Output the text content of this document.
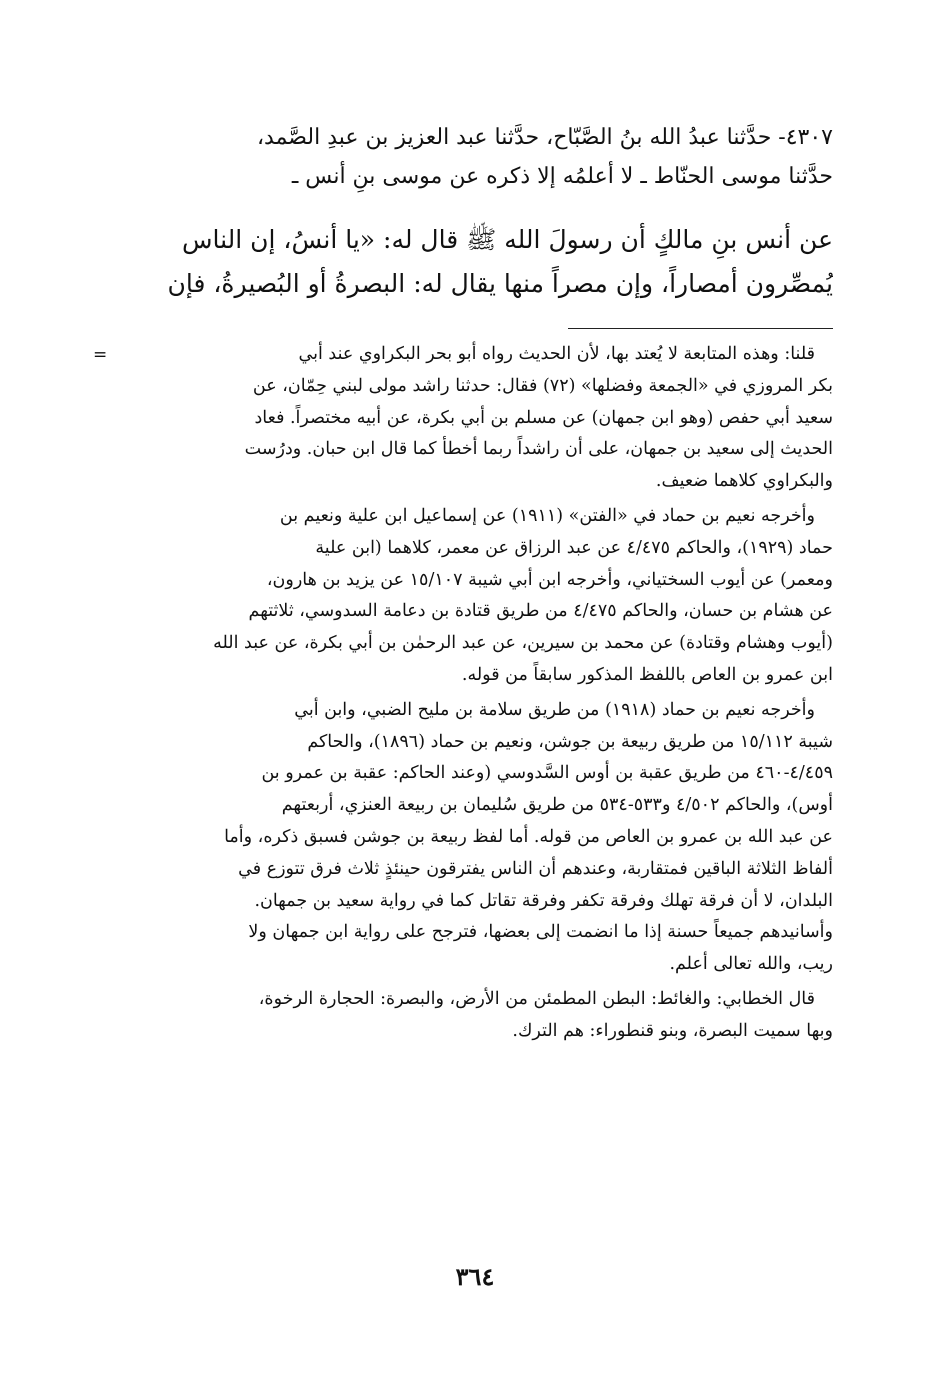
٤٣٠٧- حدَّثنا عبدُ الله بنُ الصَّبّاح، حدَّثنا عبد العزيز بن عبدِ الصَّمد،
حدَّثنا موسى الحنّاط ـ لا أعلمُه إلا ذكره عن موسى بنِ أنس ـ
عن أنس بنِ مالكٍ أن رسولَ الله ﷺ قال له: «يا أنسُ، إن الناس
يُمصِّرون أمصاراً، وإن مصراً منها يقال له: البصرةُ أو البُصيرةُ، فإن
=	قلنا: وهذه المتابعة لا يُعتد بها، لأن الحديث رواه أبو بحر البكراوي عند أبي
بكر المروزي في «الجمعة وفضلها» (٧٢) فقال: حدثنا راشد مولى لبني حِمّان، عن
سعيد أبي حفص (وهو ابن جمهان) عن مسلم بن أبي بكرة، عن أبيه مختصراً. فعاد
الحديث إلى سعيد بن جمهان، على أن راشداً ربما أخطأ كما قال ابن حبان. ودرُست
والبكراوي كلاهما ضعيف.

وأخرجه نعيم بن حماد في «الفتن» (١٩١١) عن إسماعيل ابن علية ونعيم بن
حماد (١٩٢٩)، والحاكم ٤/٤٧٥ عن عبد الرزاق عن معمر، كلاهما (ابن علية
ومعمر) عن أيوب السختياني، وأخرجه ابن أبي شيبة ١٥/١٠٧ عن يزيد بن هارون،
عن هشام بن حسان، والحاكم ٤/٤٧٥ من طريق قتادة بن دعامة السدوسي، ثلاثتهم
(أيوب وهشام وقتادة) عن محمد بن سيرين، عن عبد الرحمٰن بن أبي بكرة، عن عبد الله
ابن عمرو بن العاص باللفظ المذكور سابقاً من قوله.

وأخرجه نعيم بن حماد (١٩١٨) من طريق سلامة بن مليح الضبي، وابن أبي
شيبة ١٥/١١٢ من طريق ربيعة بن جوشن، ونعيم بن حماد (١٨٩٦)، والحاكم
٤/٤٥٩-٤٦٠ من طريق عقبة بن أوس السَّدوسي (وعند الحاكم: عقبة بن عمرو بن
أوس)، والحاكم ٤/٥٠٢ و٥٣٣-٥٣٤ من طريق سُليمان بن ربيعة العنزي، أربعتهم
عن عبد الله بن عمرو بن العاص من قوله. أما لفظ ربيعة بن جوشن فسبق ذكره، وأما
ألفاظ الثلاثة الباقين فمتقاربة، وعندهم أن الناس يفترقون حينئذٍ ثلاث فرق تتوزع في
البلدان، لا أن فرقة تهلك وفرقة تكفر وفرقة تقاتل كما في رواية سعيد بن جمهان.
وأسانيدهم جميعاً حسنة إذا ما انضمت إلى بعضها، فترجح على رواية ابن جمهان ولا
ريب، والله تعالى أعلم.

قال الخطابي: والغائط: البطن المطمئن من الأرض، والبصرة: الحجارة الرخوة،
وبها سميت البصرة، وبنو قنطوراء: هم الترك.

٣٦٤
